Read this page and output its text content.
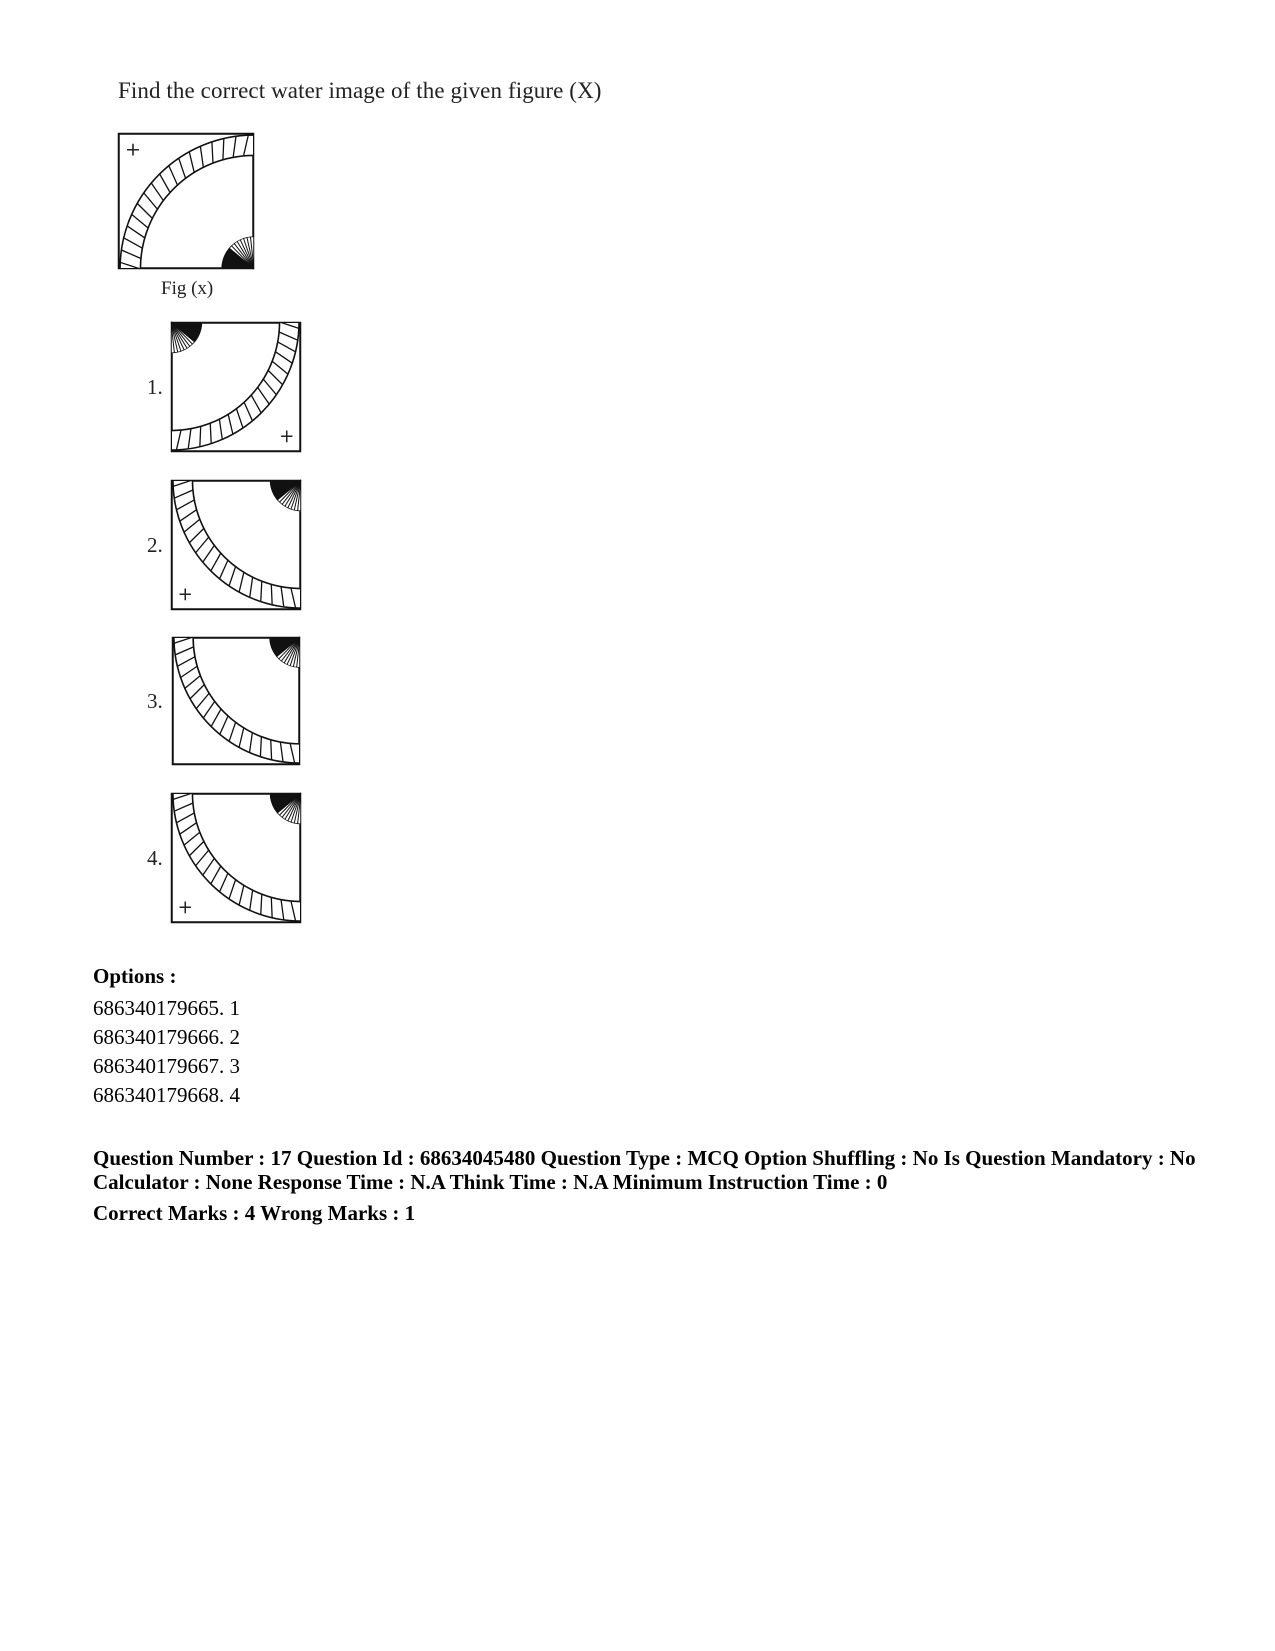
Find the correct water image of the given figure (X)
+
Fig (x)
1.
+
2.
+
3.
4.
+
Options :
686340179665. 1
686340179666. 2
686340179667. 3
686340179668. 4
Question Number : 17 Question Id : 68634045480 Question Type : MCQ Option Shuffling : No Is Question Mandatory : No Calculator : None Response Time : N.A Think Time : N.A Minimum Instruction Time : 0
Correct Marks : 4 Wrong Marks : 1
